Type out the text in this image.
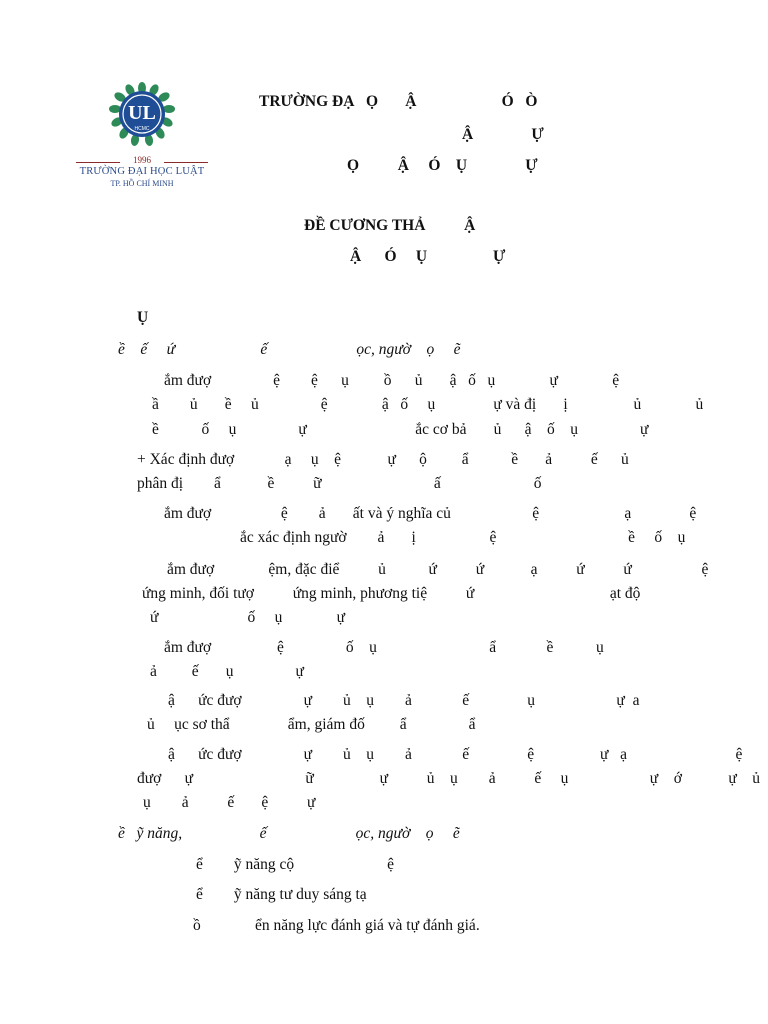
UL
HCMC
1996
TRƯỜNG ĐẠI HỌC LUẬT
TP. HỒ CHÍ MINH
TRƯỜNG ĐẠ   Ọ       Ậ                      Ó   Ò
Ậ               Ự
Ọ          Ậ     Ó    Ụ               Ự
ĐỀ CƯƠNG THẢ          Ậ
Ậ      Ó     Ụ                 Ự
Ụ
ề    ế     ứ                      ế                       ọc, ngườ    ọ     ẽ
ắm đượ                ệ        ệ      ụ         ồ      ủ       ậ   ố   ụ              ự              ệ
ầ        ủ       ề     ủ                ệ              ậ   ố     ụ               ự và đị       ị                 ủ              ủ
ề           ố     ụ                ự                            ắc cơ bả       ủ      ậ    ố    ụ                ự
+ Xác định đượ             ạ     ụ    ệ            ự      ộ         ẩ           ề       ả          ế      ủ
phân đị        ẩ            ề          ữ                             ấ                        ố
ắm đượ                  ệ        ả       ất và ý nghĩa củ                     ệ                      ạ               ệ
ắc xác định ngườ        ả       ị                   ệ                                  ề     ố    ụ
ắm đượ              ệm, đặc điể          ủ           ứ          ứ            ạ          ứ          ứ                  ệ
ứng minh, đối tượ          ứng minh, phương tiệ          ứ                                   ạt độ
ứ                       ố     ụ              ự
ắm đượ                 ệ                ố    ụ                             ẩ             ề           ụ
ả         ế       ụ                ự
ậ      ức đượ                ự        ủ    ụ        ả             ế               ụ                     ự  a
ủ     ục sơ thẩ               ẩm, giám đố         ẩ                ẩ
ậ      ức đượ                ự        ủ    ụ        ả             ế               ệ                 ự   ạ                            ệ
đượ      ự                             ữ                 ự          ủ    ụ        ả          ế     ụ                     ự    ớ            ự    ủ
ụ        ả          ế       ệ          ự
ề   ỹ năng,                    ế                       ọc, ngườ    ọ     ẽ
ể        ỹ năng cộ                        ệ
ể        ỹ năng tư duy sáng tạ
ồ              ển năng lực đánh giá và tự đánh giá.
